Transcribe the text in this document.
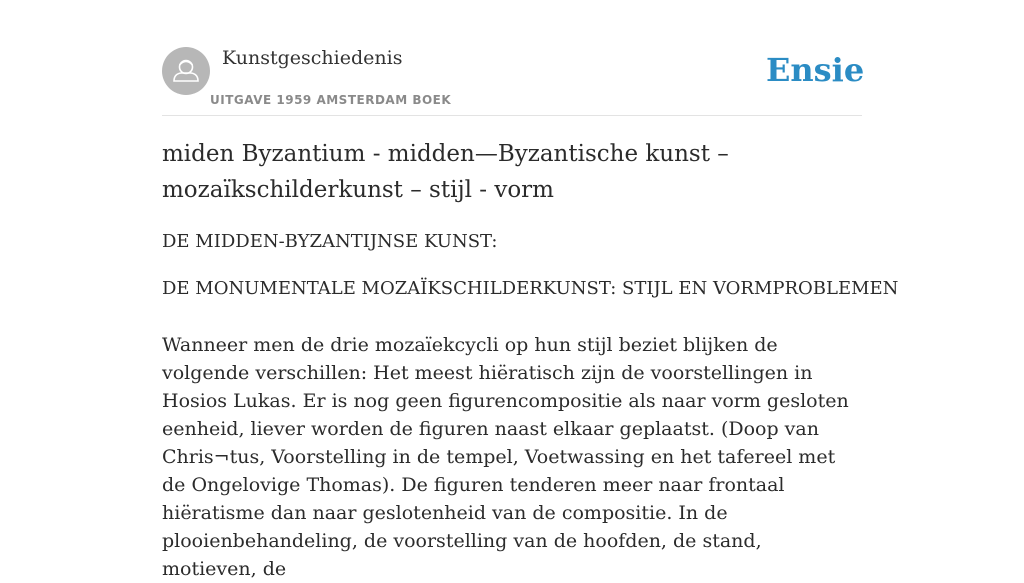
Kunstgeschiedenis
UITGAVE 1959 AMSTERDAM BOEK
Ensie
miden Byzantium - midden—Byzantische kunst – mozaïkschilderkunst – stijl - vorm

DE MIDDEN-BYZANTIJNSE KUNST:

DE MONUMENTALE MOZAÏKSCHILDERKUNST: STIJL EN VORMPROBLEMEN

Wanneer men de drie mozaïekcycli op hun stijl beziet blijken de volgende verschillen: Het meest hiëratisch zijn de voorstellingen in Hosios Lukas. Er is nog geen figurencompositie als naar vorm gesloten eenheid, liever worden de figuren naast elkaar geplaatst. (Doop van Chris¬tus, Voorstelling in de tempel, Voetwassing en het tafereel met de Ongelovige Thomas). De figuren tenderen meer naar frontaal hiëratisme dan naar geslotenheid van de compositie. In de plooienbehandeling, de voorstelling van de hoofden, de stand, motieven, de
